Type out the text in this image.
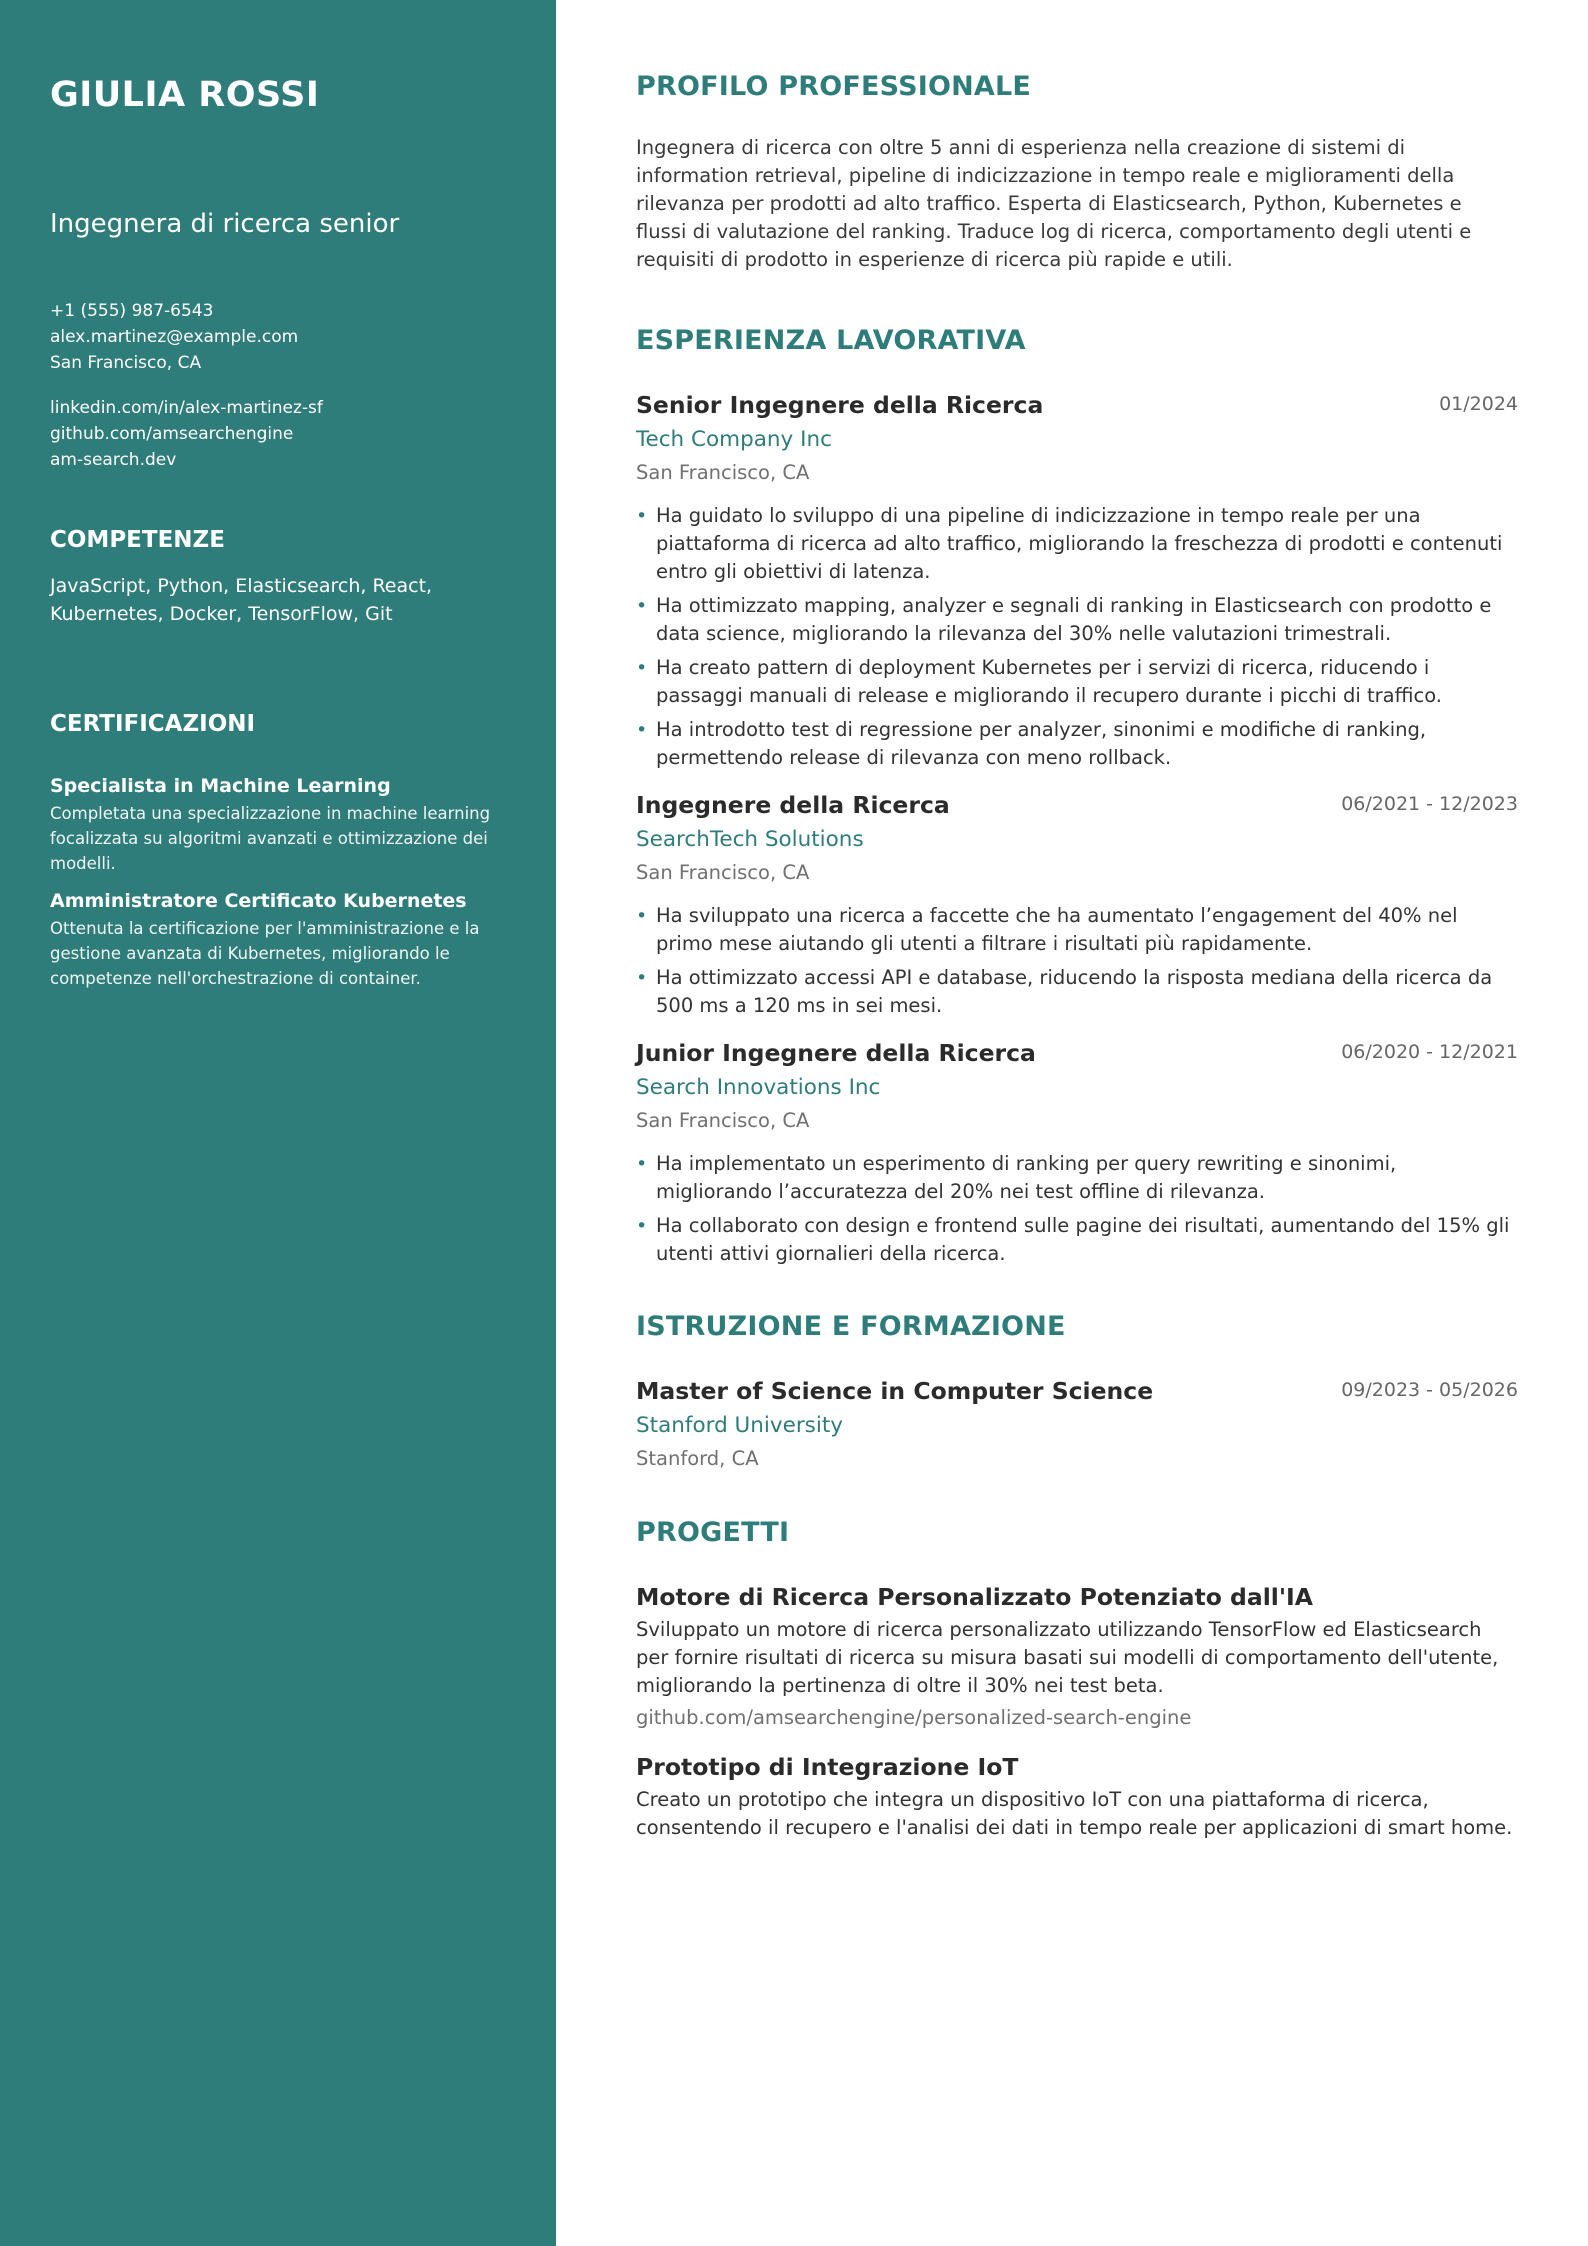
GIULIA ROSSI
Ingegnera di ricerca senior
+1 (555) 987-6543
alex.martinez@example.com
San Francisco, CA
linkedin.com/in/alex-martinez-sf
github.com/amsearchengine
am-search.dev
COMPETENZE
JavaScript, Python, Elasticsearch, React, Kubernetes, Docker, TensorFlow, Git
CERTIFICAZIONI
Specialista in Machine Learning
Completata una specializzazione in machine learning focalizzata su algoritmi avanzati e ottimizzazione dei modelli.
Amministratore Certificato Kubernetes
Ottenuta la certificazione per l'amministrazione e la gestione avanzata di Kubernetes, migliorando le competenze nell'orchestrazione di container.
PROFILO PROFESSIONALE

Ingegnera di ricerca con oltre 5 anni di esperienza nella creazione di sistemi di information retrieval, pipeline di indicizzazione in tempo reale e miglioramenti della rilevanza per prodotti ad alto traffico. Esperta di Elasticsearch, Python, Kubernetes e flussi di valutazione del ranking. Traduce log di ricerca, comportamento degli utenti e requisiti di prodotto in esperienze di ricerca più rapide e utili.

ESPERIENZA LAVORATIVA
Senior Ingegnere della Ricerca	01/2024
Tech Company Inc
San Francisco, CA
• Ha guidato lo sviluppo di una pipeline di indicizzazione in tempo reale per una piattaforma di ricerca ad alto traffico, migliorando la freschezza di prodotti e contenuti entro gli obiettivi di latenza.
• Ha ottimizzato mapping, analyzer e segnali di ranking in Elasticsearch con prodotto e data science, migliorando la rilevanza del 30% nelle valutazioni trimestrali.
• Ha creato pattern di deployment Kubernetes per i servizi di ricerca, riducendo i passaggi manuali di release e migliorando il recupero durante i picchi di traffico.
• Ha introdotto test di regressione per analyzer, sinonimi e modifiche di ranking, permettendo release di rilevanza con meno rollback.
Ingegnere della Ricerca	06/2021 - 12/2023
SearchTech Solutions
San Francisco, CA
• Ha sviluppato una ricerca a faccette che ha aumentato l’engagement del 40% nel primo mese aiutando gli utenti a filtrare i risultati più rapidamente.
• Ha ottimizzato accessi API e database, riducendo la risposta mediana della ricerca da 500 ms a 120 ms in sei mesi.
Junior Ingegnere della Ricerca	06/2020 - 12/2021
Search Innovations Inc
San Francisco, CA
• Ha implementato un esperimento di ranking per query rewriting e sinonimi, migliorando l’accuratezza del 20% nei test offline di rilevanza.
• Ha collaborato con design e frontend sulle pagine dei risultati, aumentando del 15% gli utenti attivi giornalieri della ricerca.
ISTRUZIONE E FORMAZIONE
Master of Science in Computer Science	09/2023 - 05/2026
Stanford University
Stanford, CA
PROGETTI
Motore di Ricerca Personalizzato Potenziato dall'IA
Sviluppato un motore di ricerca personalizzato utilizzando TensorFlow ed Elasticsearch per fornire risultati di ricerca su misura basati sui modelli di comportamento dell'utente, migliorando la pertinenza di oltre il 30% nei test beta.
github.com/amsearchengine/personalized-search-engine
Prototipo di Integrazione IoT
Creato un prototipo che integra un dispositivo IoT con una piattaforma di ricerca, consentendo il recupero e l'analisi dei dati in tempo reale per applicazioni di smart home.
